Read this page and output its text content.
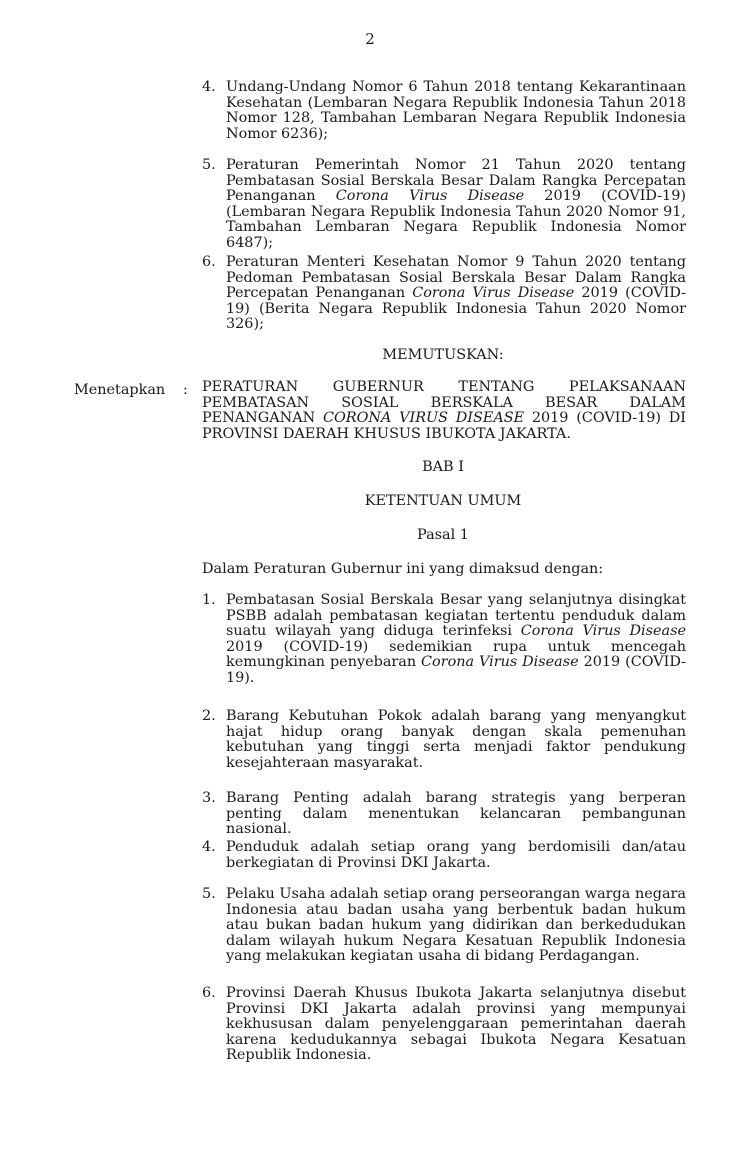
2
4. Undang-Undang Nomor 6 Tahun 2018 tentang Kekarantinaan Kesehatan (Lembaran Negara Republik Indonesia Tahun 2018 Nomor 128, Tambahan Lembaran Negara Republik Indonesia Nomor 6236);
5. Peraturan Pemerintah Nomor 21 Tahun 2020 tentang Pembatasan Sosial Berskala Besar Dalam Rangka Percepatan Penanganan Corona Virus Disease 2019 (COVID-19) (Lembaran Negara Republik Indonesia Tahun 2020 Nomor 91, Tambahan Lembaran Negara Republik Indonesia Nomor 6487);
6. Peraturan Menteri Kesehatan Nomor 9 Tahun 2020 tentang Pedoman Pembatasan Sosial Berskala Besar Dalam Rangka Percepatan Penanganan Corona Virus Disease 2019 (COVID-19) (Berita Negara Republik Indonesia Tahun 2020 Nomor 326);
MEMUTUSKAN:
Menetapkan : PERATURAN GUBERNUR TENTANG PELAKSANAAN PEMBATASAN SOSIAL BERSKALA BESAR DALAM PENANGANAN CORONA VIRUS DISEASE 2019 (COVID-19) DI PROVINSI DAERAH KHUSUS IBUKOTA JAKARTA.
BAB I
KETENTUAN UMUM
Pasal 1
Dalam Peraturan Gubernur ini yang dimaksud dengan:
1. Pembatasan Sosial Berskala Besar yang selanjutnya disingkat PSBB adalah pembatasan kegiatan tertentu penduduk dalam suatu wilayah yang diduga terinfeksi Corona Virus Disease 2019 (COVID-19) sedemikian rupa untuk mencegah kemungkinan penyebaran Corona Virus Disease 2019 (COVID-19).
2. Barang Kebutuhan Pokok adalah barang yang menyangkut hajat hidup orang banyak dengan skala pemenuhan kebutuhan yang tinggi serta menjadi faktor pendukung kesejahteraan masyarakat.
3. Barang Penting adalah barang strategis yang berperan penting dalam menentukan kelancaran pembangunan nasional.
4. Penduduk adalah setiap orang yang berdomisili dan/atau berkegiatan di Provinsi DKI Jakarta.
5. Pelaku Usaha adalah setiap orang perseorangan warga negara Indonesia atau badan usaha yang berbentuk badan hukum atau bukan badan hukum yang didirikan dan berkedudukan dalam wilayah hukum Negara Kesatuan Republik Indonesia yang melakukan kegiatan usaha di bidang Perdagangan.
6. Provinsi Daerah Khusus Ibukota Jakarta selanjutnya disebut Provinsi DKI Jakarta adalah provinsi yang mempunyai kekhususan dalam penyelenggaraan pemerintahan daerah karena kedudukannya sebagai Ibukota Negara Kesatuan Republik Indonesia.
